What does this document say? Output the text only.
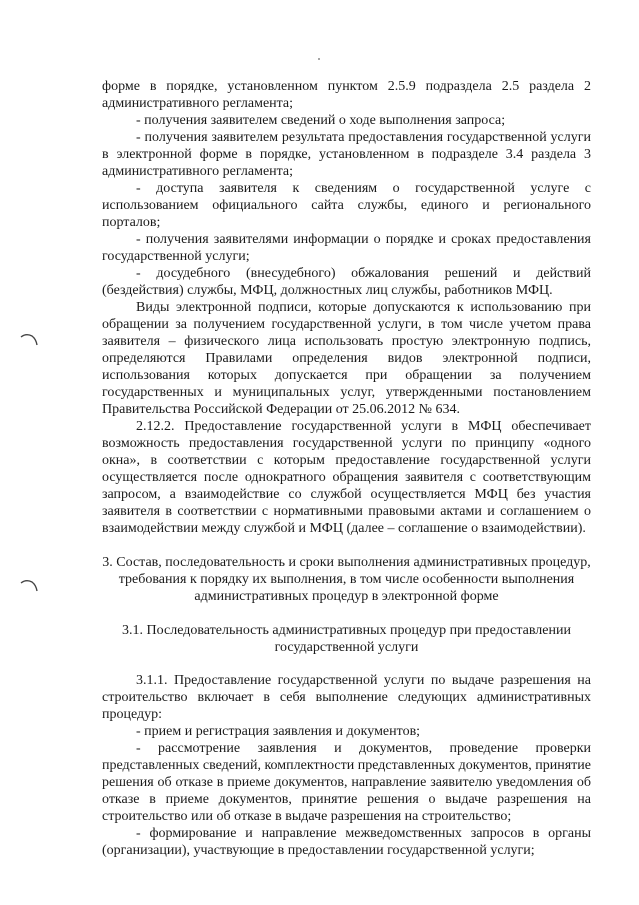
форме в порядке, установленном пунктом 2.5.9 подраздела 2.5 раздела 2 административного регламента;

- получения заявителем сведений о ходе выполнения запроса;

- получения заявителем результата предоставления государственной услуги в электронной форме в порядке, установленном в подразделе 3.4 раздела 3 административного регламента;

- доступа заявителя к сведениям о государственной услуге с использованием официального сайта службы, единого и регионального порталов;

- получения заявителями информации о порядке и сроках предоставления государственной услуги;

- досудебного (внесудебного) обжалования решений и действий (бездействия) службы, МФЦ, должностных лиц службы, работников МФЦ.

Виды электронной подписи, которые допускаются к использованию при обращении за получением государственной услуги, в том числе учетом права заявителя – физического лица использовать простую электронную подпись, определяются Правилами определения видов электронной подписи, использования которых допускается при обращении за получением государственных и муниципальных услуг, утвержденными постановлением Правительства Российской Федерации от 25.06.2012 № 634.

2.12.2. Предоставление государственной услуги в МФЦ обеспечивает возможность предоставления государственной услуги по принципу «одного окна», в соответствии с которым предоставление государственной услуги осуществляется после однократного обращения заявителя с соответствующим запросом, а взаимодействие со службой осуществляется МФЦ без участия заявителя в соответствии с нормативными правовыми актами и соглашением о взаимодействии между службой и МФЦ (далее – соглашение о взаимодействии).

3. Состав, последовательность и сроки выполнения административных процедур, требования к порядку их выполнения, в том числе особенности выполнения административных процедур в электронной форме

3.1. Последовательность административных процедур при предоставлении государственной услуги

3.1.1. Предоставление государственной услуги по выдаче разрешения на строительство включает в себя выполнение следующих административных процедур:

- прием и регистрация заявления и документов;

- рассмотрение заявления и документов, проведение проверки представленных сведений, комплектности представленных документов, принятие решения об отказе в приеме документов, направление заявителю уведомления об отказе в приеме документов, принятие решения о выдаче разрешения на строительство или об отказе в выдаче разрешения на строительство;

- формирование и направление межведомственных запросов в органы (организации), участвующие в предоставлении государственной услуги;
